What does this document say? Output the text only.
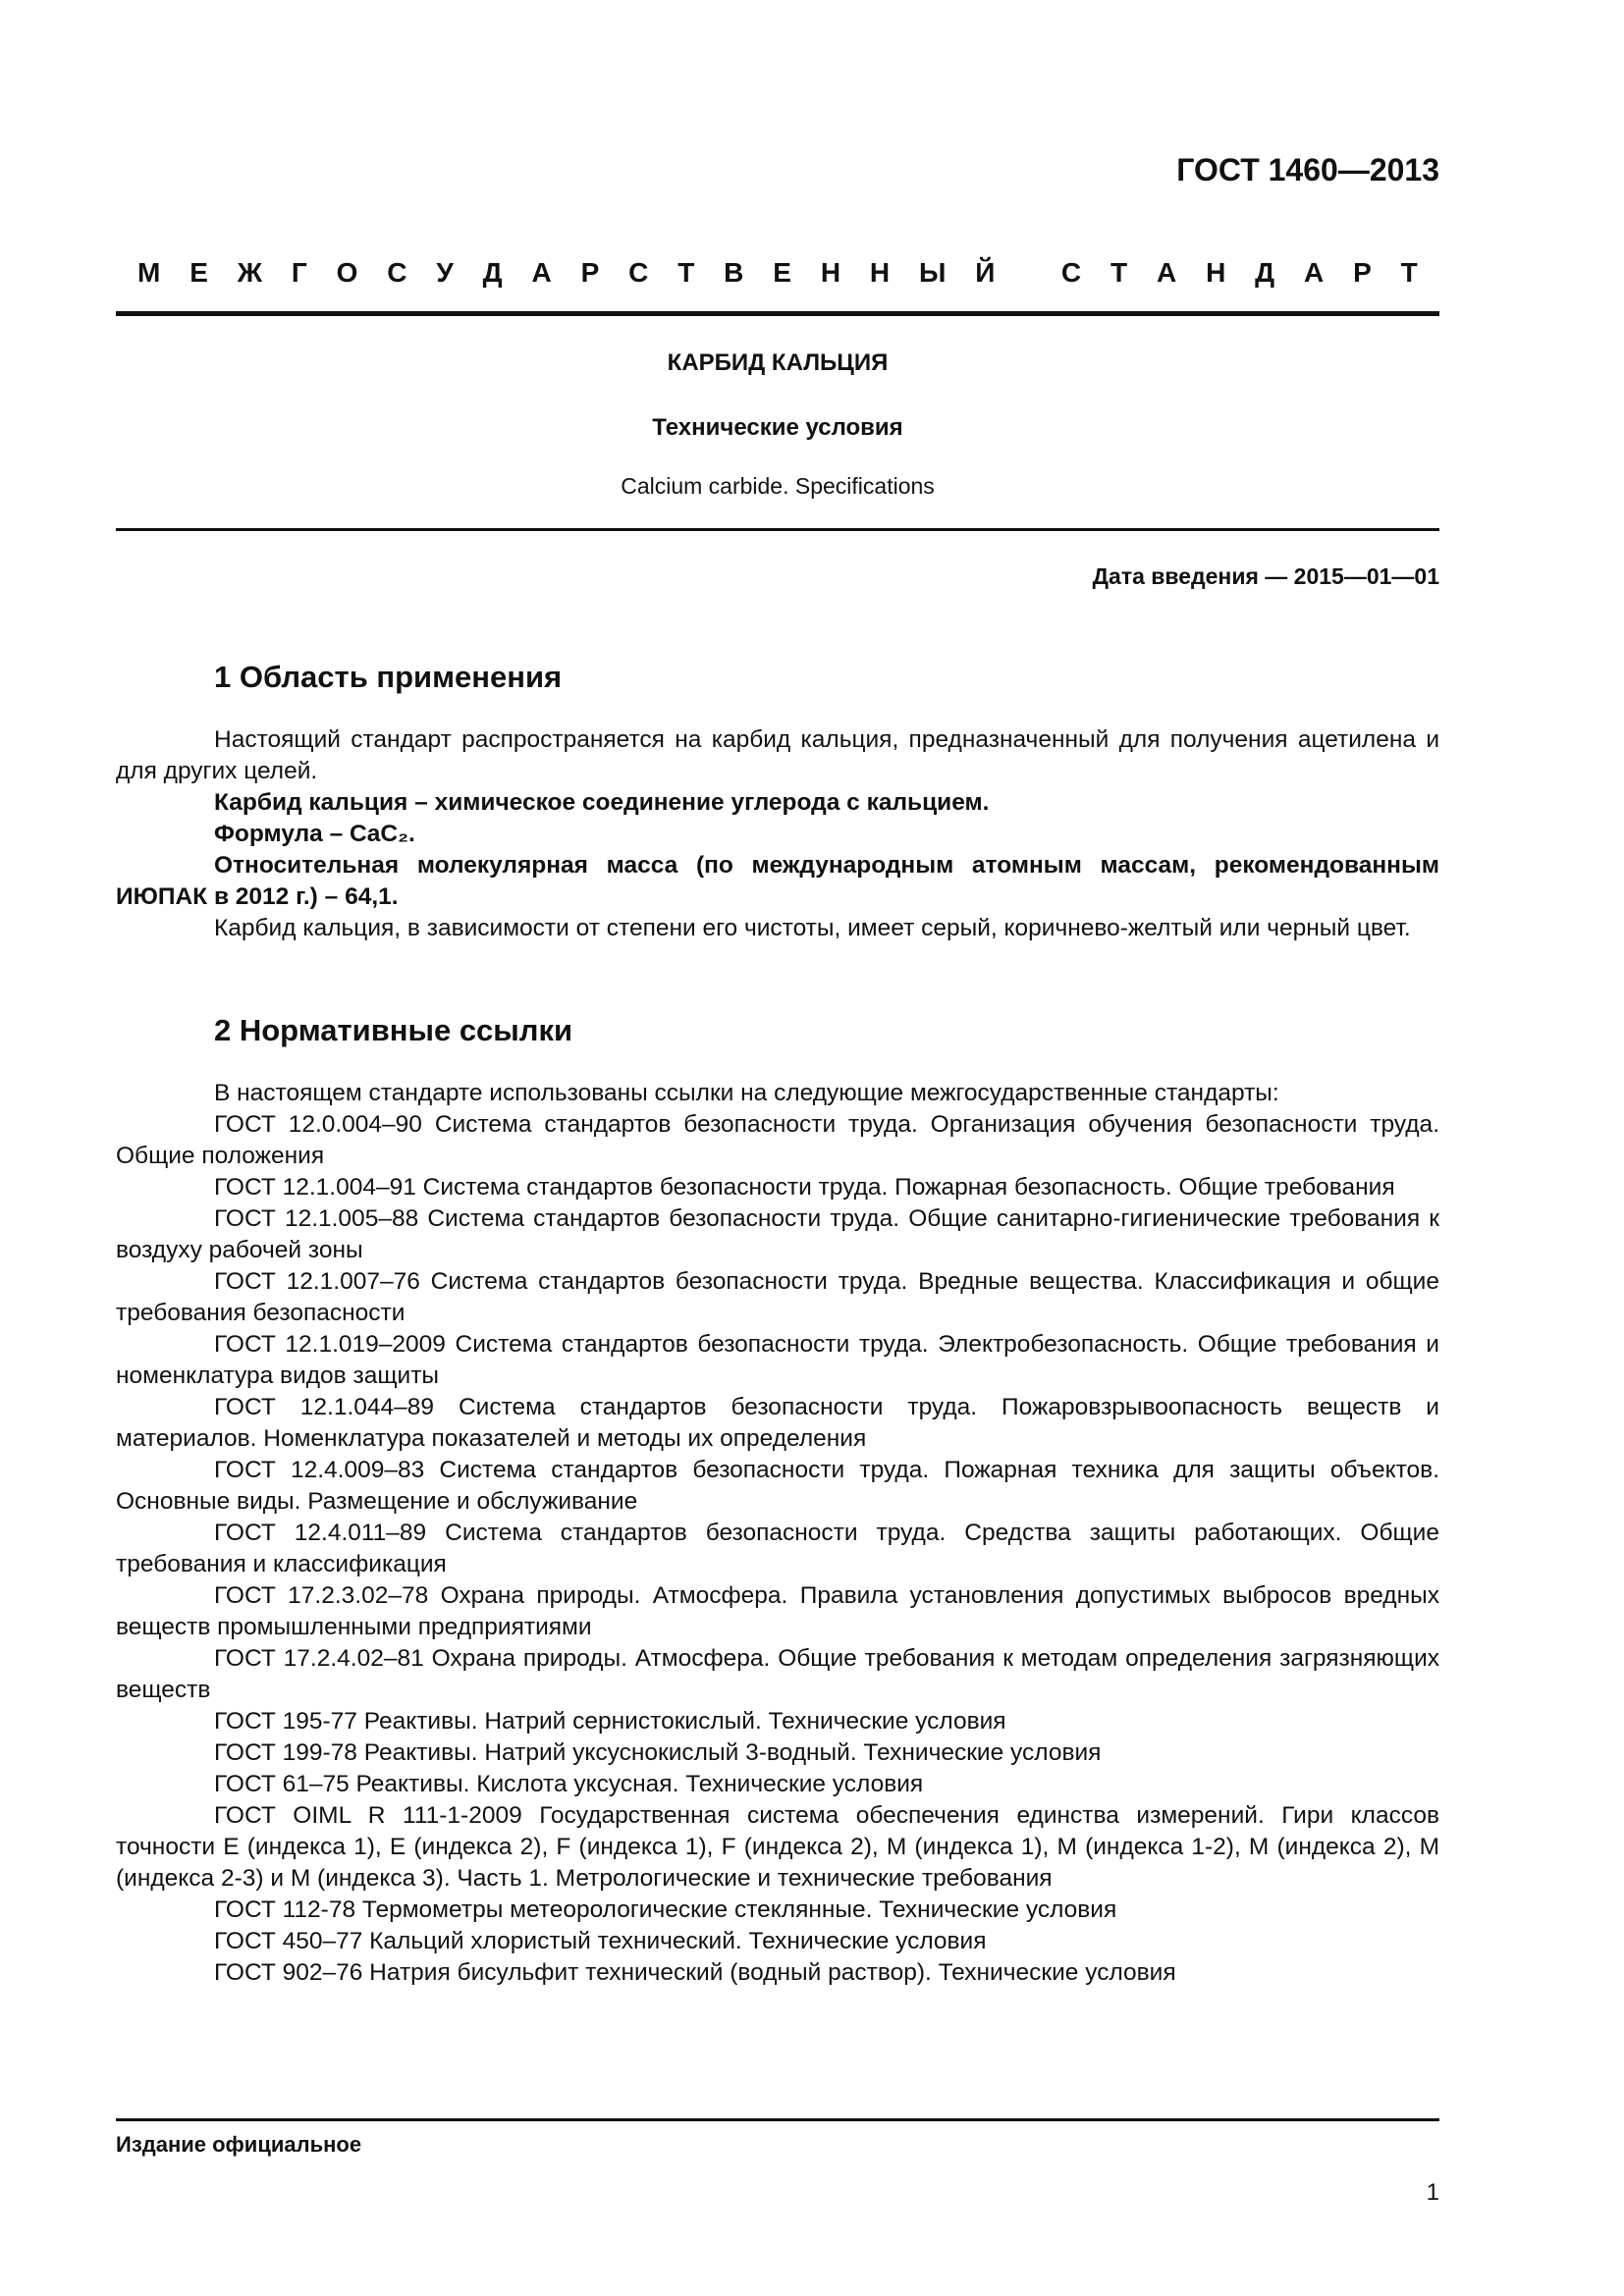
ГОСТ 1460—2013
М Е Ж Г О С У Д А Р С Т В Е Н Н Ы Й
С Т А Н Д А Р Т
КАРБИД КАЛЬЦИЯ
Технические условия
Calcium carbide. Specifications
Дата введения — 2015—01—01
1 Область применения

Настоящий стандарт распространяется на карбид кальция, предназначенный для получения ацетилена и для других целей.

Карбид кальция – химическое соединение углерода с кальцием.

Формула – CaC₂.

Относительная молекулярная масса (по международным атомным массам, рекомендованным ИЮПАК в 2012 г.) – 64,1.

Карбид кальция, в зависимости от степени его чистоты, имеет серый, коричнево-желтый или черный цвет.

2 Нормативные ссылки

В настоящем стандарте использованы ссылки на следующие межгосударственные стандарты:

ГОСТ 12.0.004–90 Система стандартов безопасности труда. Организация обучения безопасности труда. Общие положения

ГОСТ 12.1.004–91 Система стандартов безопасности труда. Пожарная безопасность. Общие требования

ГОСТ 12.1.005–88 Система стандартов безопасности труда. Общие санитарно-гигиенические требования к воздуху рабочей зоны

ГОСТ 12.1.007–76 Система стандартов безопасности труда. Вредные вещества. Классификация и общие требования безопасности

ГОСТ 12.1.019–2009 Система стандартов безопасности труда. Электробезопасность. Общие требования и номенклатура видов защиты

ГОСТ 12.1.044–89 Система стандартов безопасности труда. Пожаровзрывоопасность веществ и материалов. Номенклатура показателей и методы их определения

ГОСТ 12.4.009–83 Система стандартов безопасности труда. Пожарная техника для защиты объектов. Основные виды. Размещение и обслуживание

ГОСТ 12.4.011–89 Система стандартов безопасности труда. Средства защиты работающих. Общие требования и классификация

ГОСТ 17.2.3.02–78 Охрана природы. Атмосфера. Правила установления допустимых выбросов вредных веществ промышленными предприятиями

ГОСТ 17.2.4.02–81 Охрана природы. Атмосфера. Общие требования к методам определения загрязняющих веществ

ГОСТ 195-77 Реактивы. Натрий сернистокислый. Технические условия

ГОСТ 199-78 Реактивы. Натрий уксуснокислый 3-водный. Технические условия

ГОСТ 61–75 Реактивы. Кислота уксусная. Технические условия

ГОСТ OIML R 111-1-2009 Государственная система обеспечения единства измерений. Гири классов точности E (индекса 1), E (индекса 2), F (индекса 1), F (индекса 2), M (индекса 1), M (индекса 1-2), M (индекса 2), M (индекса 2-3) и M (индекса 3). Часть 1. Метрологические и технические требования

ГОСТ 112-78 Термометры метеорологические стеклянные. Технические условия

ГОСТ 450–77 Кальций хлористый технический. Технические условия

ГОСТ 902–76 Натрия бисульфит технический (водный раствор). Технические условия

Издание официальное
1
